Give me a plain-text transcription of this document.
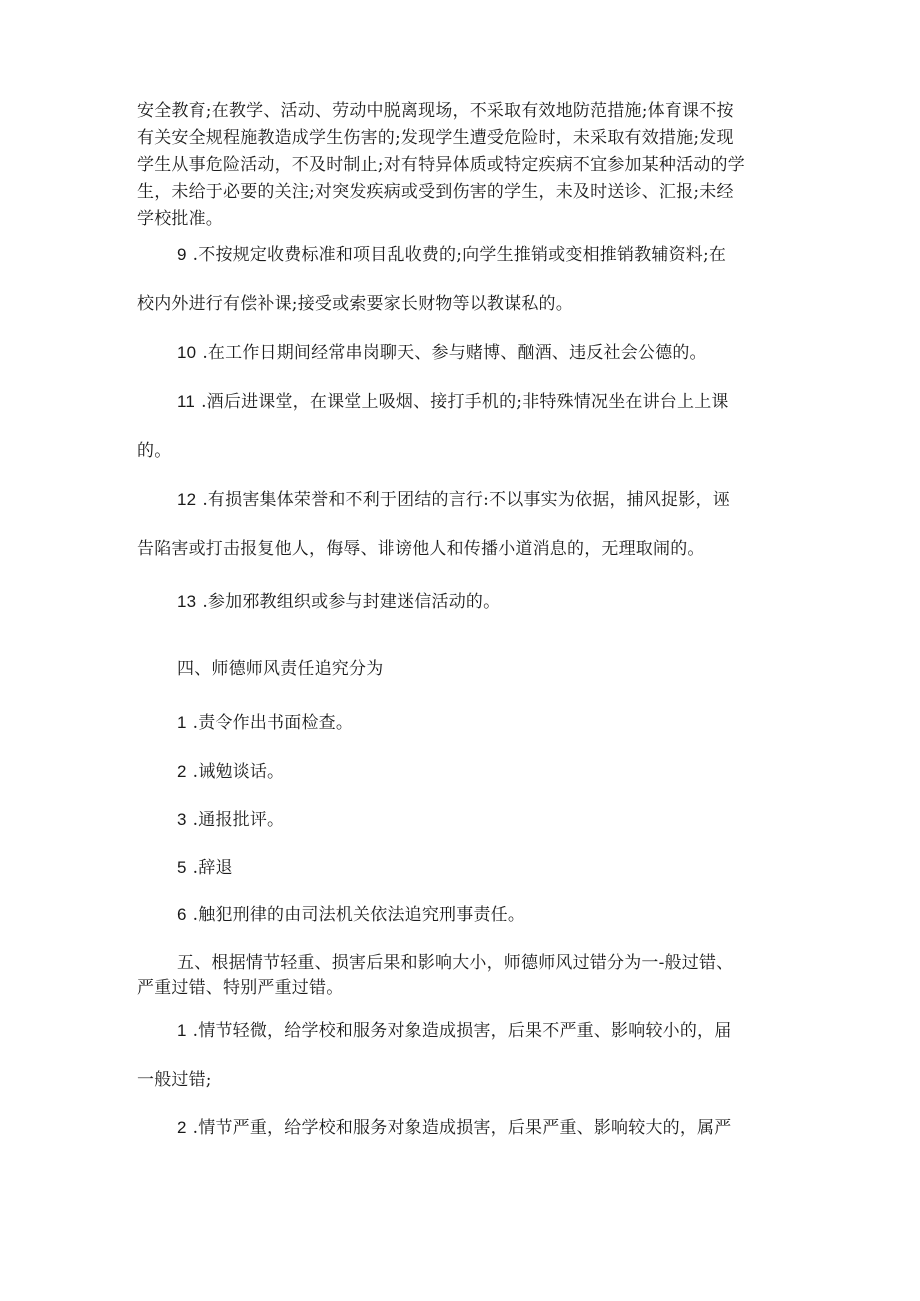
安全教育;在教学、活动、劳动中脱离现场，不采取有效地防范措施;体育课不按
有关安全规程施教造成学生伤害的;发现学生遭受危险时，未采取有效措施;发现
学生从事危险活动，不及时制止;对有特异体质或特定疾病不宜参加某种活动的学
生，未给于必要的关注;对突发疾病或受到伤害的学生，未及时送诊、汇报;未经
学校批准。
9 .不按规定收费标准和项目乱收费的;向学生推销或变相推销教辅资料;在
校内外进行有偿补课;接受或索要家长财物等以教谋私的。
10 .在工作日期间经常串岗聊天、参与赌博、酗酒、违反社会公德的。
11 .酒后进课堂，在课堂上吸烟、接打手机的;非特殊情况坐在讲台上上课
的。
12 .有损害集体荣誉和不利于团结的言行:不以事实为依据，捕风捉影，诬
告陷害或打击报复他人，侮辱、诽谤他人和传播小道消息的，无理取闹的。
13 .参加邪教组织或参与封建迷信活动的。
四、师德师风责任追究分为
1 .责令作出书面检查。
2 .诫勉谈话。
3 .通报批评。
5 .辞退
6 .触犯刑律的由司法机关依法追究刑事责任。
五、根据情节轻重、损害后果和影响大小，师德师风过错分为一-般过错、
严重过错、特别严重过错。
1 .情节轻微，给学校和服务对象造成损害，后果不严重、影响较小的，届
一般过错;
2 .情节严重，给学校和服务对象造成损害，后果严重、影响较大的，属严
